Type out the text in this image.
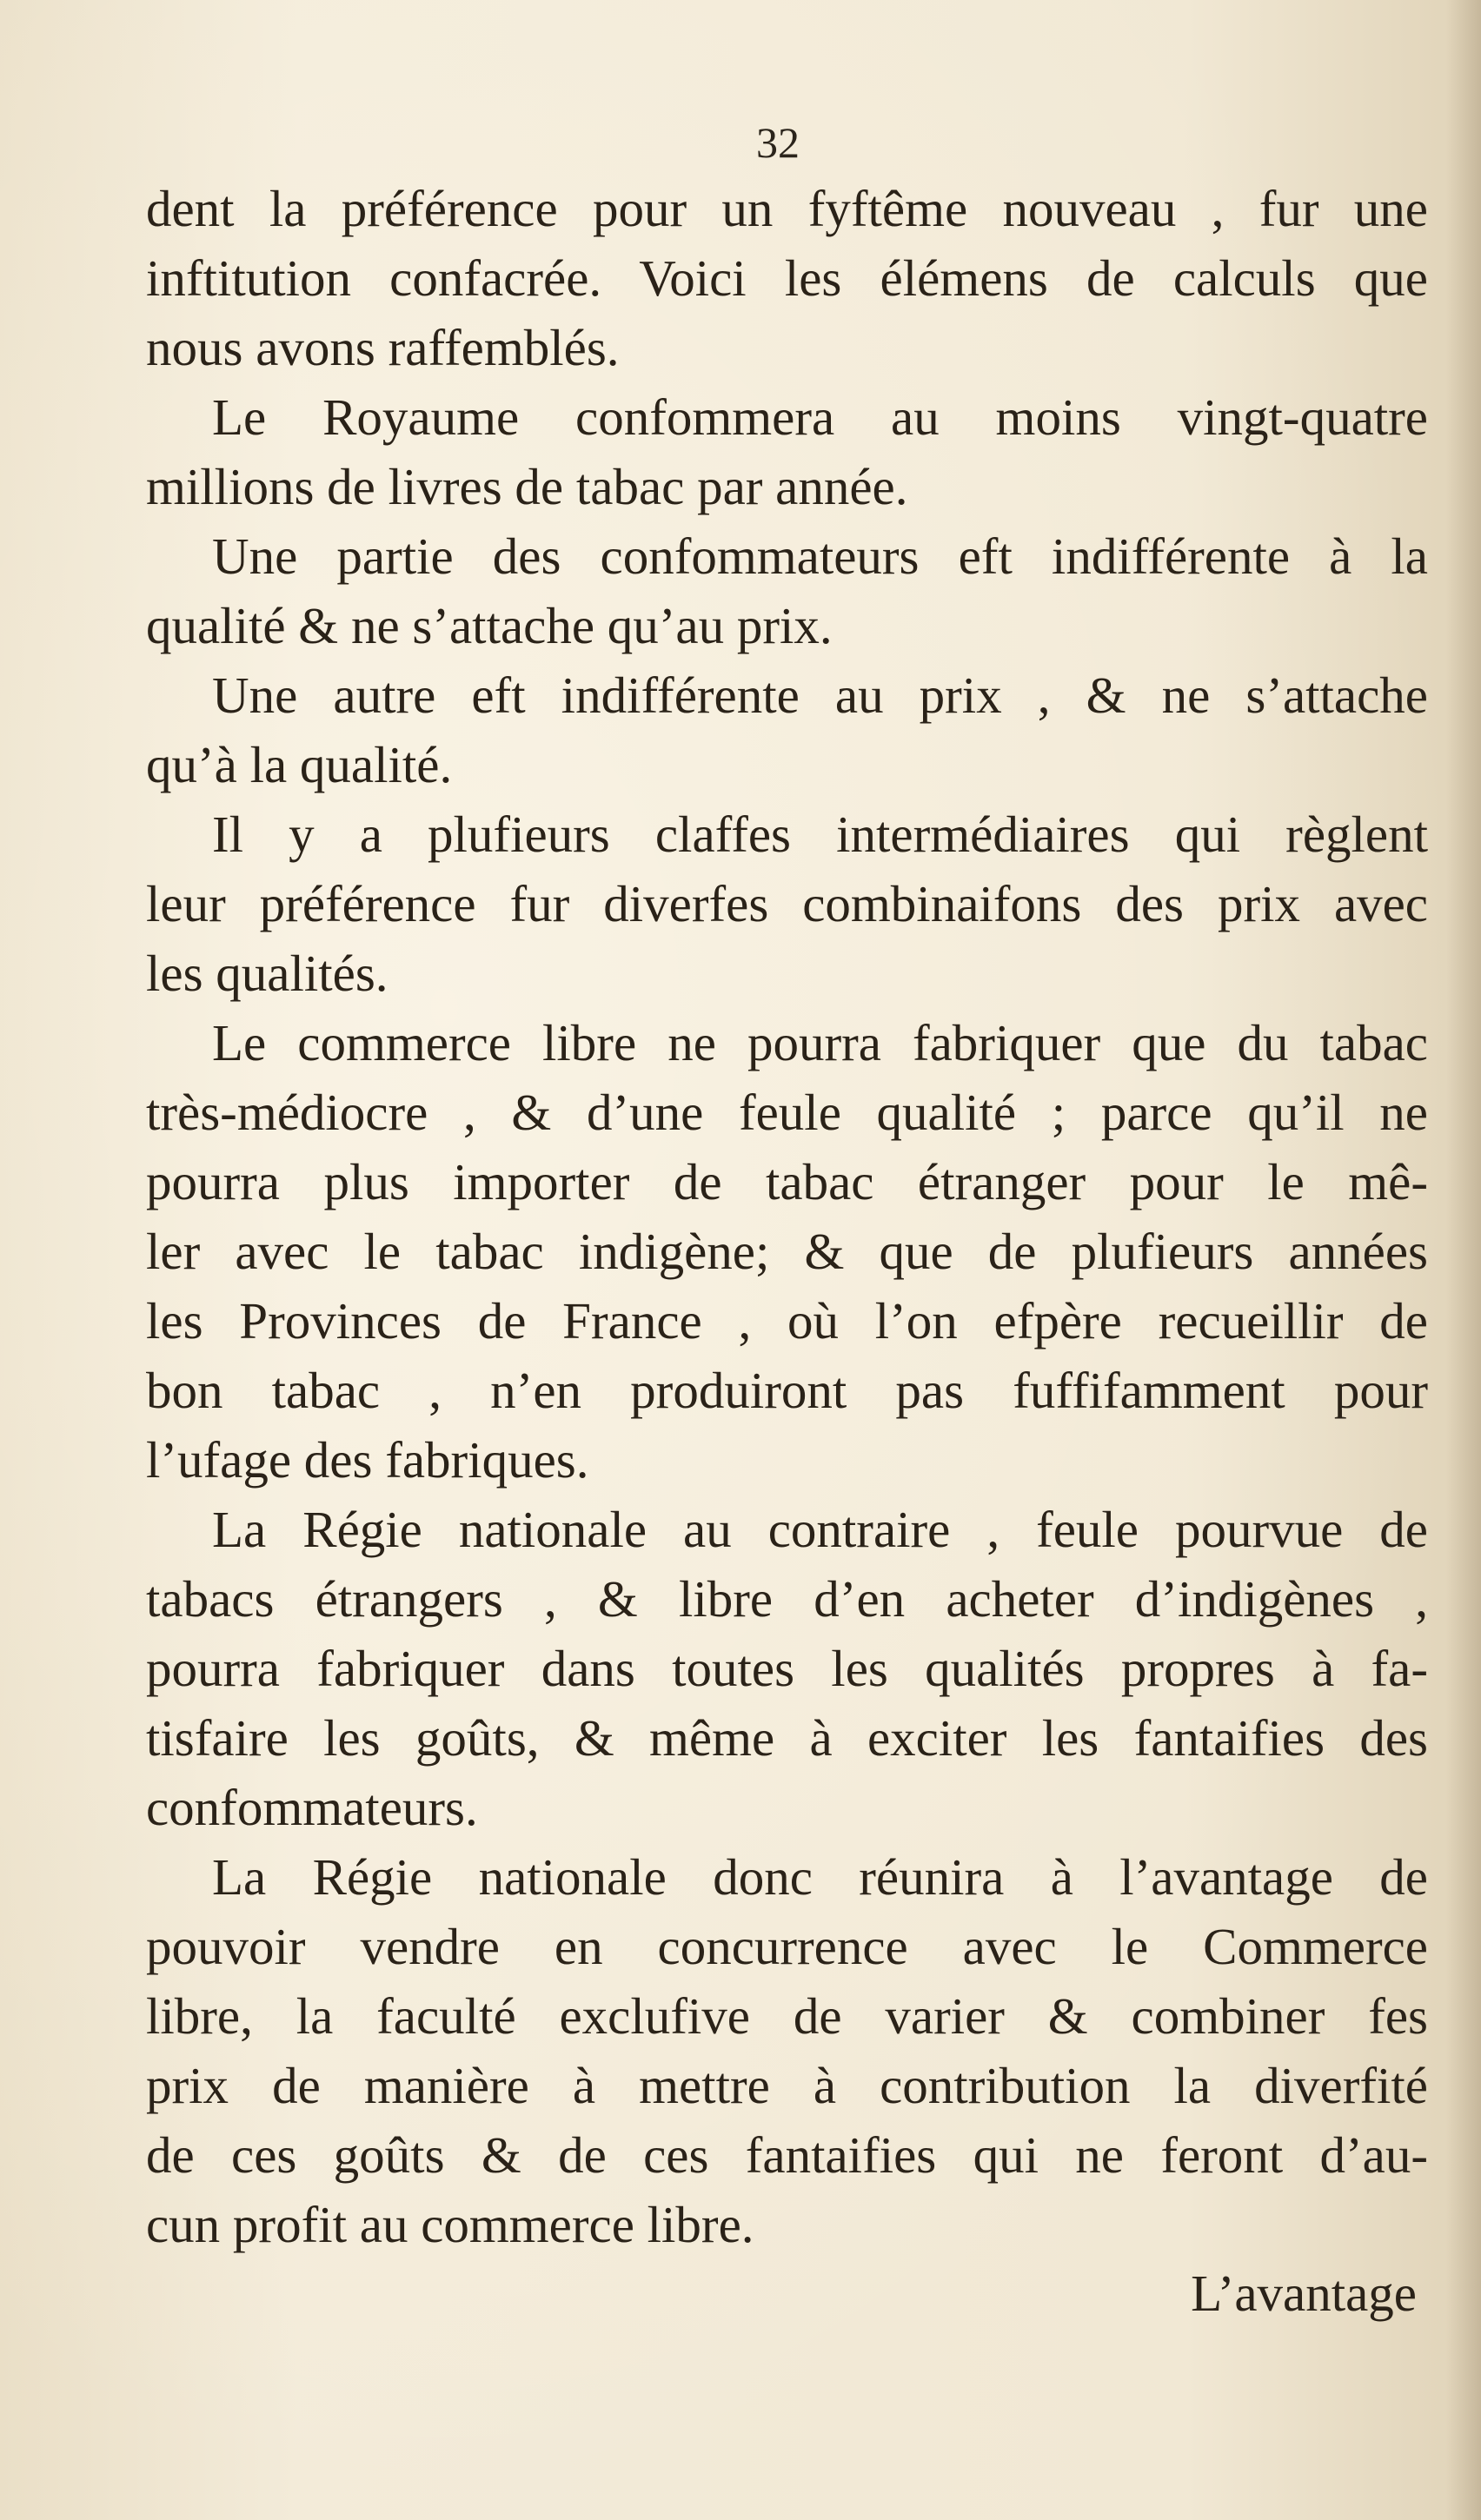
32
dent la préférence pour un fyftême nouveau , fur une
inftitution confacrée. Voici les élémens de calculs que
nous avons raffemblés.
Le Royaume confommera au moins vingt-quatre
millions de livres de tabac par année.
Une partie des confommateurs eft indifférente à la
qualité & ne s’attache qu’au prix.
Une autre eft indifférente au prix , & ne s’attache
qu’à la qualité.
Il y a plufieurs claffes intermédiaires qui règlent
leur préférence fur diverfes combinaifons des prix avec
les qualités.
Le commerce libre ne pourra fabriquer que du tabac
très-médiocre , & d’une feule qualité ; parce qu’il ne
pourra plus importer de tabac étranger pour le mê-
ler avec le tabac indigène; & que de plufieurs années
les Provinces de France , où l’on efpère recueillir de
bon tabac , n’en produiront pas fuffifamment pour
l’ufage des fabriques.
La Régie nationale au contraire , feule pourvue de
tabacs étrangers , & libre d’en acheter d’indigènes ,
pourra fabriquer dans toutes les qualités propres à fa-
tisfaire les goûts, & même à exciter les fantaifies des
confommateurs.
La Régie nationale donc réunira à l’avantage de
pouvoir vendre en concurrence avec le Commerce
libre, la faculté exclufive de varier & combiner fes
prix de manière à mettre à contribution la diverfité
de ces goûts & de ces fantaifies qui ne feront d’au-
cun profit au commerce libre.
L’avantage
